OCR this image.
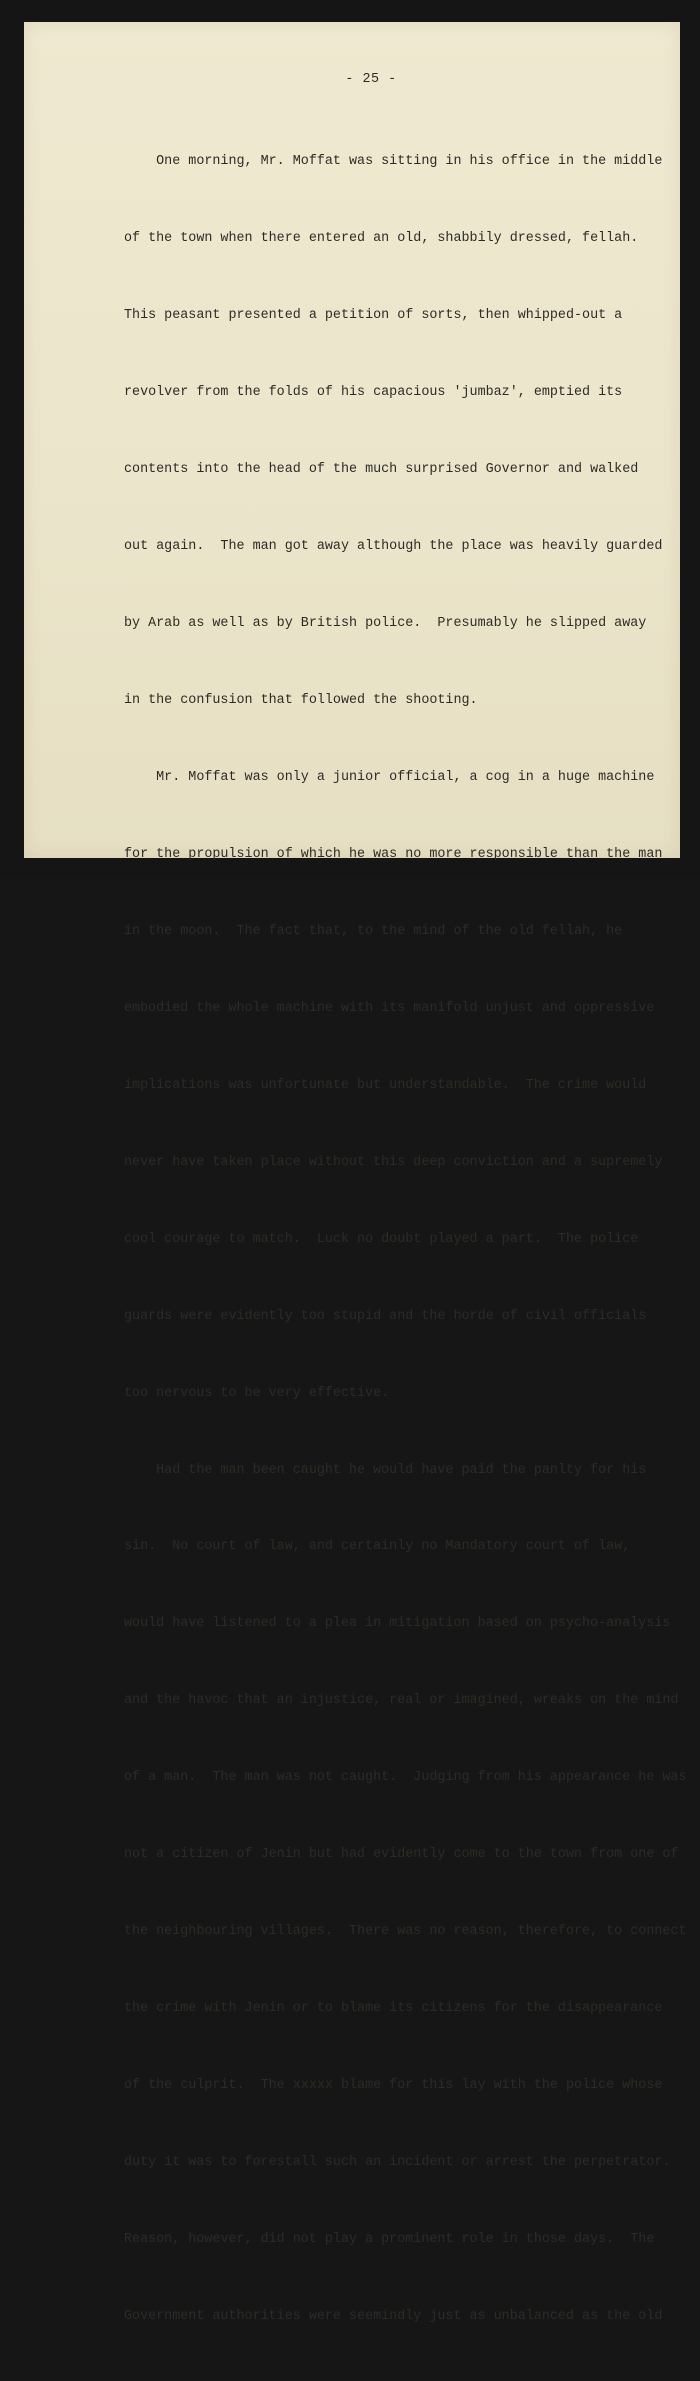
- 25 -

One morning, Mr. Moffat was sitting in his office in the middle

of the town when there entered an old, shabbily dressed, fellah.

This peasant presented a petition of sorts, then whipped-out a

revolver from the folds of his capacious 'jumbaz', emptied its

contents into the head of the much surprised Governor and walked

out again.  The man got away although the place was heavily guarded

by Arab as well as by British police.  Presumably he slipped away

in the confusion that followed the shooting.

Mr. Moffat was only a junior official, a cog in a huge machine

for the propulsion of which he was no more responsible than the man

in the moon.  The fact that, to the mind of the old fellah, he

embodied the whole machine with its manifold unjust and oppressive

implications was unfortunate but understandable.  The crime would

never have taken place without this deep conviction and a supremely

cool courage to match.  Luck no doubt played a part.  The police

guards were evidently too stupid and the horde of civil officials

too nervous to be very effective.

Had the man been caught he would have paid the panlty for his

sin.  No court of law, and certainly no Mandatory court of law,

would have listened to a plea in mitigation based on psycho-analysis

and the havoc that an injustice, real or imagined, wreaks on the mind

of a man.  The man was not caught.  Judging from his appearance he was

not a citizen of Jenin but had evidently come to the town from one of

the neighbouring villages.  There was no reason, therefore, to connect

the crime with Jenin or to blame its citizens for the disappearance

of the culprit.  The xxxxx blame for this lay with the police whose

duty it was to forestall such an incident or arrest the perpetrator.

Reason, however, did not play a prominent role in those days.  The

Government authorities were seemindly just as unbalanced as the old
